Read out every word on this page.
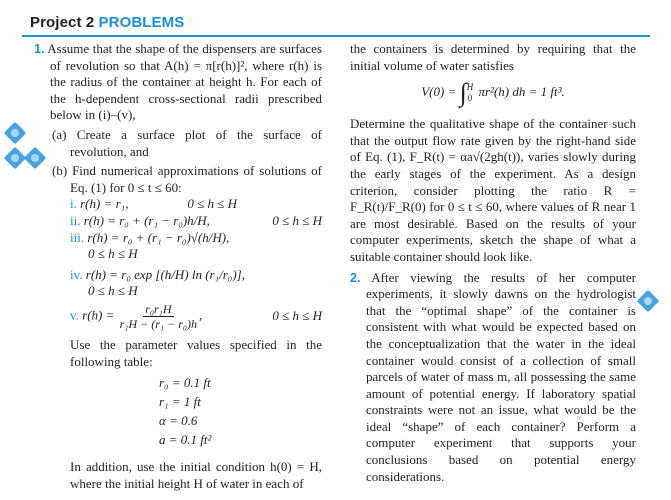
Project 2 PROBLEMS
1. Assume that the shape of the dispensers are surfaces of revolution so that A(h) = π[r(h)]², where r(h) is the radius of the container at height h. For each of the h-dependent cross-sectional radii prescribed below in (i)–(v),
(a) Create a surface plot of the surface of revolution, and
(b) Find numerical approximations of solutions of Eq. (1) for 0 ≤ t ≤ 60:
i. r(h) = r₁,	0 ≤ h ≤ H
ii. r(h) = r₀ + (r₁ − r₀)h/H,	0 ≤ h ≤ H
iii. r(h) = r₀ + (r₁ − r₀)√(h/H),
0 ≤ h ≤ H
iv. r(h) = r₀ exp [(h/H) ln (r₁/r₀)],
0 ≤ h ≤ H
v. $r(h) = \frac{\text{r₀r₁H}}{\text{r₁H − (r₁ − r₀)h}}$ ,	0 ≤ h ≤ H
Use the parameter values specified in the following table:
r₀ = 0.1 ft
r₁ = 1 ft
α = 0.6
a = 0.1 ft²
In addition, use the initial condition h(0) = H, where the initial height H of water in each of
the containers is determined by requiring that the initial volume of water satisfies
V(0) = ∫ H
0 πr²(h) dh = 1 ft³.
Determine the qualitative shape of the container such that the output flow rate given by the right-hand side of Eq. (1), F_R(t) = αa√(2gh(t)), varies slowly during the early stages of the experiment. As a design criterion, consider plotting the ratio R = F_R(t)/F_R(0) for 0 ≤ t ≤ 60, where values of R near 1 are most desirable. Based on the results of your computer experiments, sketch the shape of what a suitable container should look like.
2. After viewing the results of her computer experiments, it slowly dawns on the hydrologist that the “optimal shape” of the container is consistent with what would be expected based on the conceptualization that the water in the ideal container would consist of a collection of small parcels of water of mass m, all possessing the same amount of potential energy. If laboratory spatial constraints were not an issue, what would be the ideal “shape” of each container? Perform a computer experiment that supports your conclusions based on potential energy considerations.
